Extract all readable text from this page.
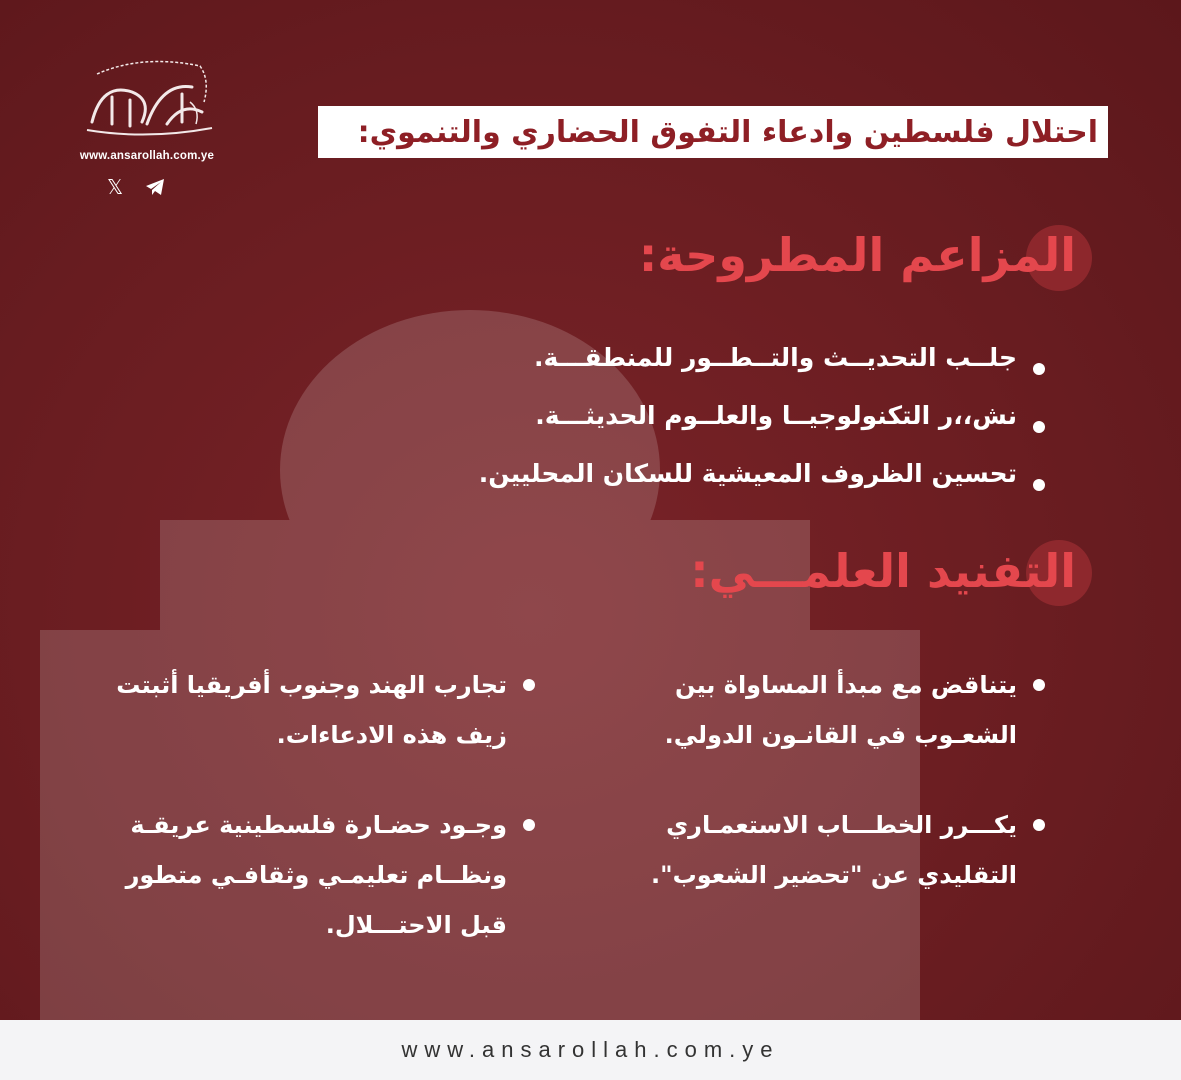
www.ansarollah.com.ye
𝕏
احتلال فلسطين وادعاء التفوق الحضاري والتنموي:
المزاعم المطروحة:
جلــب التحديــث والتــطــور للمنطقـــة.
نش،،ر التكنولوجيــا والعلــوم الحديثـــة.
تحسين الظروف المعيشية للسكان المحليين.
التفنيد العلمـــي:
يتناقض مع مبدأ المساواة بين الشعـوب في القانـون الدولي.
يكـــرر الخطـــاب الاستعمـاري التقليدي عن "تحضير الشعوب".
تجارب الهند وجنوب أفريقيا أثبتت زيف هذه الادعاءات.
وجـود حضـارة فلسطينية عريقـة ونظــام تعليمـي وثقافـي متطور قبل الاحتـــلال.
www.ansarollah.com.ye
